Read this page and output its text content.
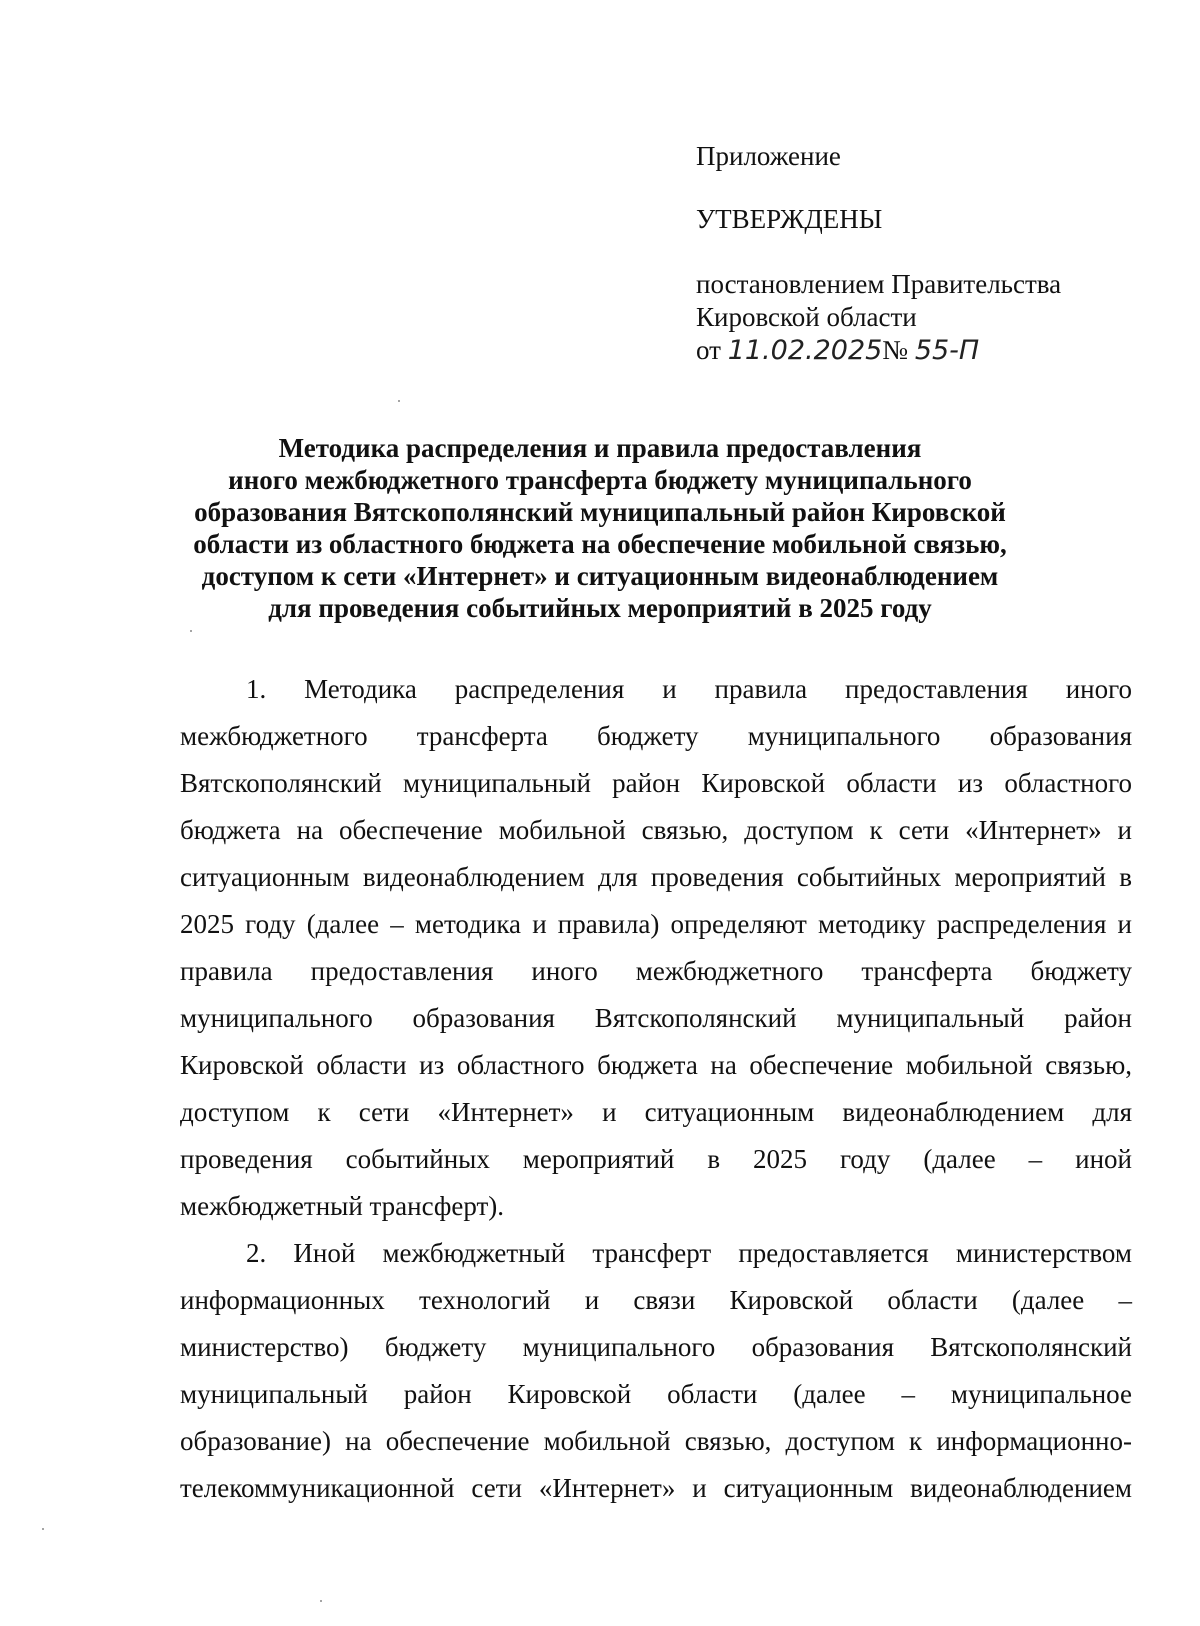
Приложение
УТВЕРЖДЕНЫ
постановлением Правительства
Кировской области
от 11.02.2025№ 55-П
Методика распределения и правила предоставления
иного межбюджетного трансферта бюджету муниципального
образования Вятскополянский муниципальный район Кировской
области из областного бюджета на обеспечение мобильной связью,
доступом к сети «Интернет» и ситуационным видеонаблюдением
для проведения событийных мероприятий в 2025 году
1. Методика распределения и правила предоставления иного
межбюджетного трансферта бюджету муниципального образования
Вятскополянский муниципальный район Кировской области из областного
бюджета на обеспечение мобильной связью, доступом к сети «Интернет» и
ситуационным видеонаблюдением для проведения событийных мероприятий в
2025 году (далее – методика и правила) определяют методику распределения и
правила предоставления иного межбюджетного трансферта бюджету
муниципального образования Вятскополянский муниципальный район
Кировской области из областного бюджета на обеспечение мобильной связью,
доступом к сети «Интернет» и ситуационным видеонаблюдением для
проведения событийных мероприятий в 2025 году (далее – иной
межбюджетный трансферт).
2. Иной межбюджетный трансферт предоставляется министерством
информационных технологий и связи Кировской области (далее –
министерство) бюджету муниципального образования Вятскополянский
муниципальный район Кировской области (далее – муниципальное
образование) на обеспечение мобильной связью, доступом к информационно-
телекоммуникационной сети «Интернет» и ситуационным видеонаблюдением
